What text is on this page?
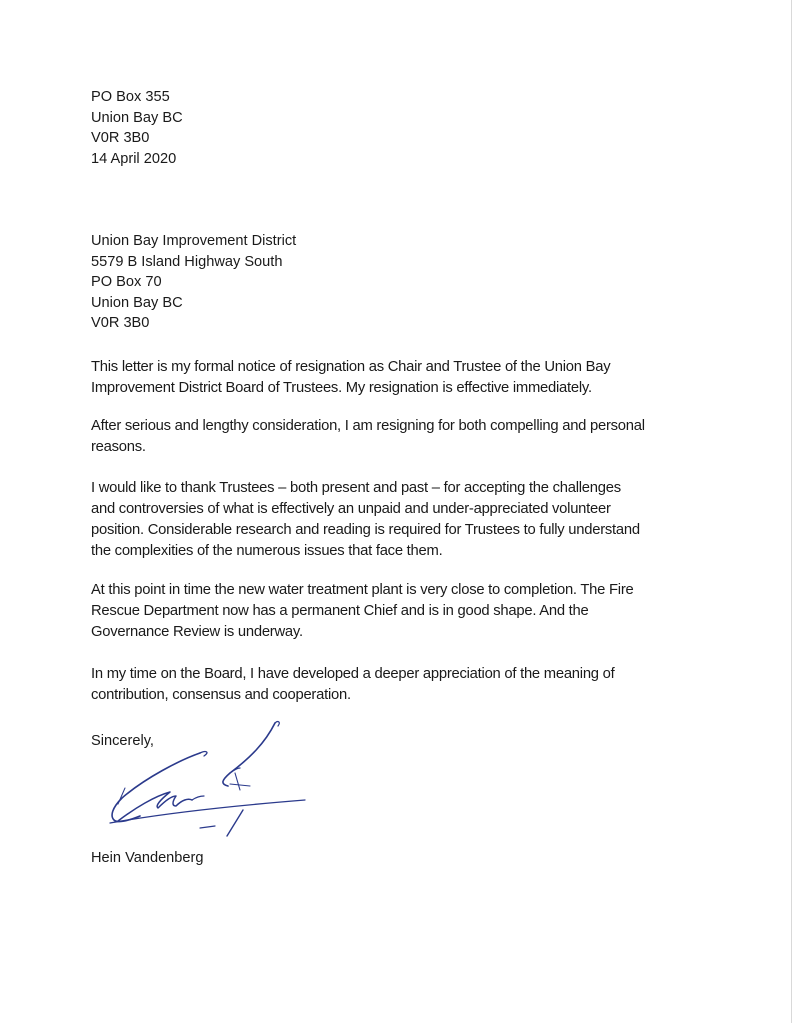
PO Box 355
Union Bay BC
V0R 3B0
14 April 2020
Union Bay Improvement District
5579 B Island Highway South
PO Box 70
Union Bay BC
V0R 3B0
This letter is my formal notice of resignation as Chair and Trustee of the Union Bay
Improvement District Board of Trustees. My resignation is effective immediately.
After serious and lengthy consideration, I am resigning for both compelling and personal
reasons.
I would like to thank Trustees – both present and past – for accepting the challenges
and controversies of what is effectively an unpaid and under-appreciated volunteer
position. Considerable research and reading is required for Trustees to fully understand
the complexities of the numerous issues that face them.
At this point in time the new water treatment plant is very close to completion. The Fire
Rescue Department now has a permanent Chief and is in good shape. And the
Governance Review is underway.
In my time on the Board, I have developed a deeper appreciation of the meaning of
contribution, consensus and cooperation.
Sincerely,
Hein Vandenberg
